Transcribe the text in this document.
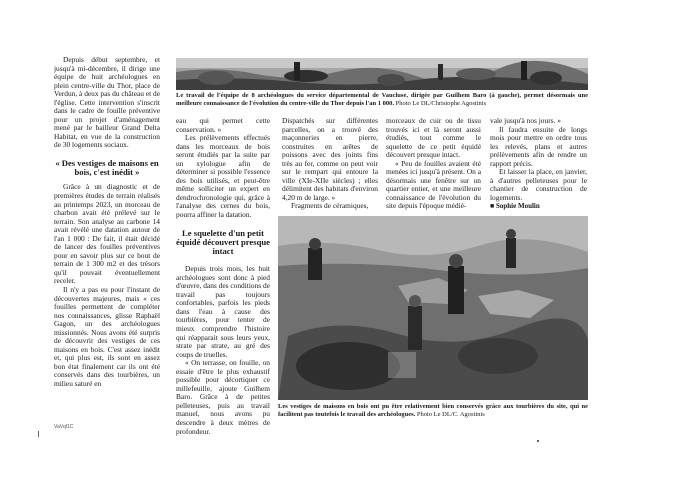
Depuis début septembre, et jusqu'à mi-décembre, il dirige une équipe de huit archéologues en plein centre-ville du Thor, place de Verdun, à deux pas du château et de l'église. Cette intervention s'inscrit dans le cadre de fouille préventive pour un projet d'aménagement mené par le bailleur Grand Delta Habitat, en vue de la construction de 30 logements sociaux.

« Des vestiges de maisons en bois, c'est inédit »

Grâce à un diagnostic et de premières études de terrain réalisés au printemps 2023, un morceau de charbon avait été prélevé sur le terrain. Son analyse au carbone 14 avait révélé une datation autour de l'an 1 000 : De fait, il était décidé de lancer des fouilles préventives pour en savoir plus sur ce bout de terrain de 1 300 m2 et des trésors qu'il pouvait éventuellement receler.

Il n'y a pas eu pour l'instant de découvertes majeures, mais « ces fouilles permettent de compléter nos connaissances, glisse Raphaël Gagon, un des archéologues missionnés. Nous avons été surpris de découvrir des vestiges de ces maisons en bois. C'est assez inédit et, qui plus est, ils sont en assez bon état finalement car ils ont été conservés dans des tourbières, un milieu saturé en

Le travail de l'équipe de 8 archéologues du service départemental de Vaucluse, dirigée par Guilhem Baro (à gauche), permet désormais une meilleure connaissance de l'évolution du centre-ville du Thor depuis l'an 1 000. Photo Le DL/Christophe Agostinis

eau qui permet cette conservation. »

Les prélèvements effectués dans les morceaux de bois seront étudiés par la suite par un xylologue afin de déterminer si possible l'essence des bois utilisés, et peut-être même solliciter un expert en dendrochronologie qui, grâce à l'analyse des cernes du bois, pourra affiner la datation.

Le squelette d'un petit équidé découvert presque intact

Depuis trois mois, les huit archéologues sont donc à pied d'œuvre, dans des conditions de travail pas toujours confortables, parfois les pieds dans l'eau à cause des tourbières, pour tenter de mieux comprendre l'histoire qui réapparait sous leurs yeux, strate par strate, au gré des coups de truelles.

« On terrasse, on fouille, on essaie d'être le plus exhaustif possible pour décortiquer ce millefeuille, ajoute Guilhem Baro. Grâce à de petites pelleteuses, puis au travail manuel, nous avons pu descendre à deux mètres de profondeur.

Dispatchés sur différentes parcelles, on a trouvé des maçonneries en pierre, construites en arêtes de poissons avec des joints fins très au fer, comme on peut voir sur le rempart qui entoure la ville (XIe-XIIe siècles) ; elles délimitent des habitats d'environ 4,20 m de large. »

Fragments de céramiques,

morceaux de cuir ou de tissu trouvés ici et là seront aussi étudiés, tout comme le squelette de ce petit équidé découvert presque intact.

« Peu de fouilles avaient été menées ici jusqu'à présent. On a désormais une fenêtre sur un quartier entier, et une meilleure connaissance de l'évolution du site depuis l'époque médié-

vale jusqu'à nos jours. »

Il faudra ensuite de longs mois pour mettre en ordre tous les relevés, plans et autres prélèvements afin de rendre un rapport précis.

Et laisser la place, en janvier, à d'autres pelleteuses pour le chantier de construction de logements.

■ Sophie Moulin

Les vestiges de maisons en bois ont pu être relativement bien conservés grâce aux tourbières du site, qui ne facilitent pas toutefois le travail des archéologues. Photo Le DL/C. Agostinis
VaVql1C
